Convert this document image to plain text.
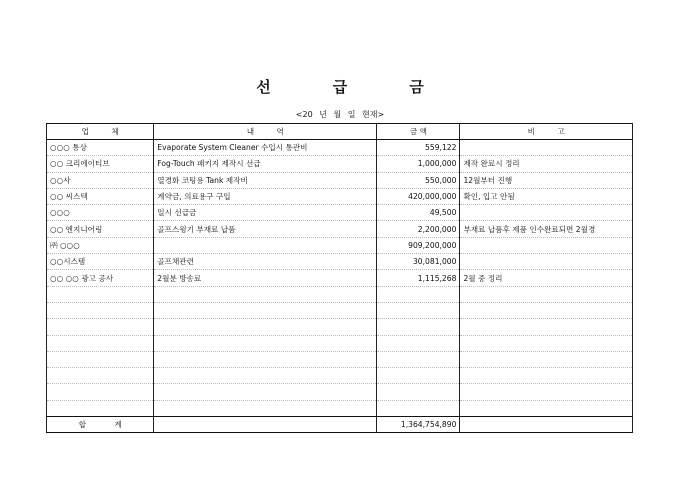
선	급	금
<20 년 월 일 현재>
업 체	내 역	금 액	비 고
○○○ 통상	Evaporate System Cleaner 수입시 통관비	559,122	
○○ 크리에이티브	Fog-Touch 패키지 제작시 선급	1,000,000	제작 완료시 정리
○○사	열경화 코팅용 Tank 제작비	550,000	12월부터 진행
○○ 씨스텍	계약금, 의료용구 구입	420,000,000	확인, 입고 안됨
○○○	일시 선급금	49,500	
○○ 엔지니어링	골프스윙기 부재료 납품	2,200,000	부재료 납품후 제품 인수완료되면 2월경
㈜ ○○○		909,200,000	
○○시스템	골프채관련	30,081,000	
○○ ○○ 광고 공사	2월분 방송료	1,115,268	2월 중 정리

합 계		1,364,754,890	
